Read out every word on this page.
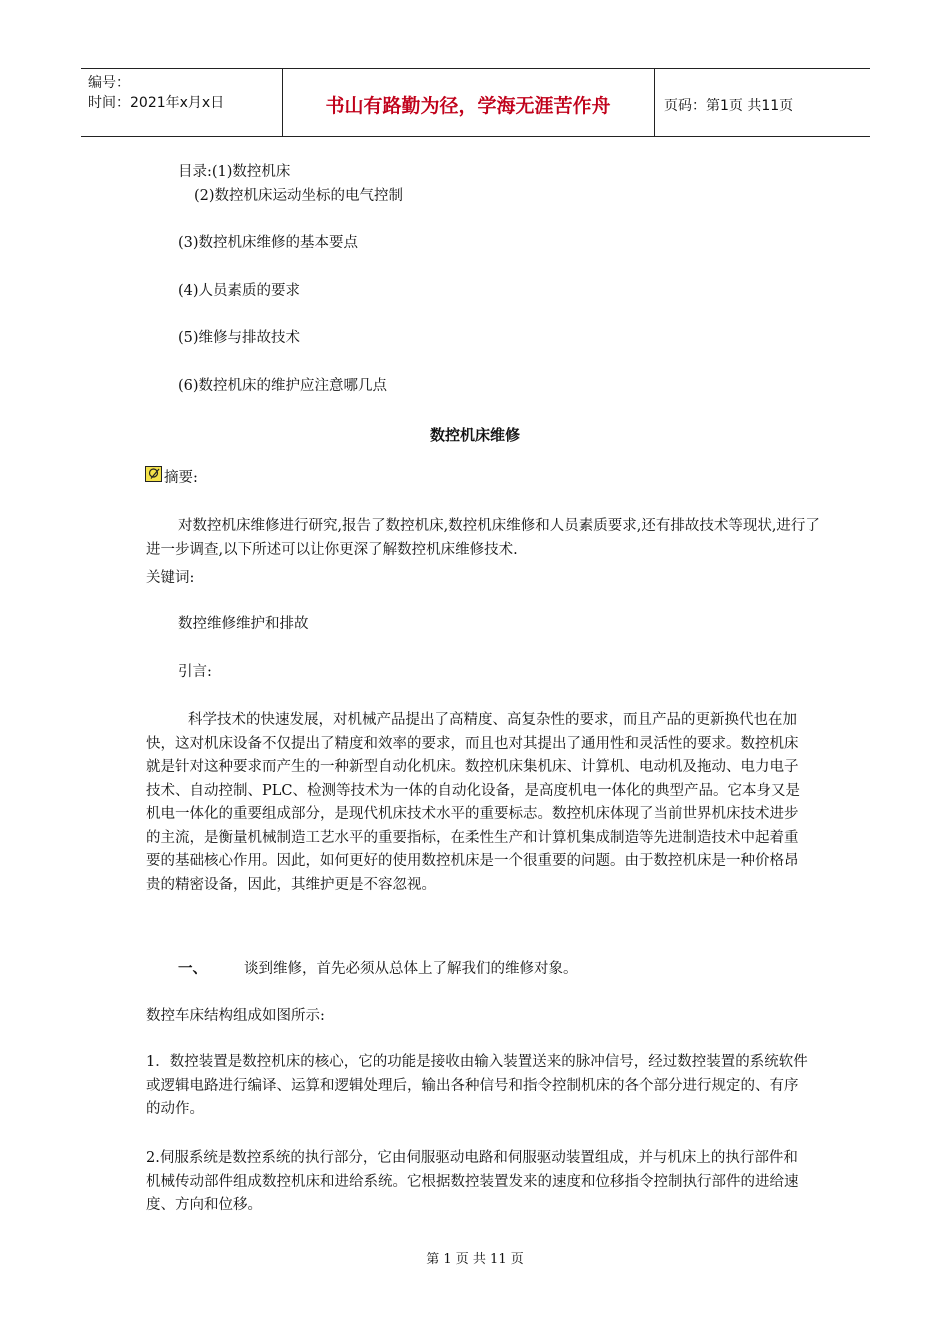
编号：
时间：2021年x月x日	书山有路勤为径，学海无涯苦作舟	页码：第1页 共11页
目录:(1)数控机床
(2)数控机床运动坐标的电气控制
(3)数控机床维修的基本要点
(4)人员素质的要求
(5)维修与排故技术
(6)数控机床的维护应注意哪几点
数控机床维修
摘要:
对数控机床维修进行研究,报告了数控机床,数控机床维修和人员素质要求,还有排故技术等现状,进行了进一步调查,以下所述可以让你更深了解数控机床维修技术.
关键词:
数控维修维护和排故
引言:
科学技术的快速发展，对机械产品提出了高精度、高复杂性的要求，而且产品的更新换代也在加快，这对机床设备不仅提出了精度和效率的要求，而且也对其提出了通用性和灵活性的要求。数控机床就是针对这种要求而产生的一种新型自动化机床。数控机床集机床、计算机、电动机及拖动、电力电子技术、自动控制、PLC、检测等技术为一体的自动化设备，是高度机电一体化的典型产品。它本身又是机电一体化的重要组成部分，是现代机床技术水平的重要标志。数控机床体现了当前世界机床技术进步的主流，是衡量机械制造工艺水平的重要指标，在柔性生产和计算机集成制造等先进制造技术中起着重要的基础核心作用。因此，如何更好的使用数控机床是一个很重要的问题。由于数控机床是一种价格昂贵的精密设备，因此，其维护更是不容忽视。
一、	谈到维修，首先必须从总体上了解我们的维修对象。
数控车床结构组成如图所示:
1．数控装置是数控机床的核心，它的功能是接收由输入装置送来的脉冲信号，经过数控装置的系统软件或逻辑电路进行编译、运算和逻辑处理后，输出各种信号和指令控制机床的各个部分进行规定的、有序的动作。
2.伺服系统是数控系统的执行部分，它由伺服驱动电路和伺服驱动装置组成，并与机床上的执行部件和机械传动部件组成数控机床和进给系统。它根据数控装置发来的速度和位移指令控制执行部件的进给速度、方向和位移。
第 1 页 共 11 页
